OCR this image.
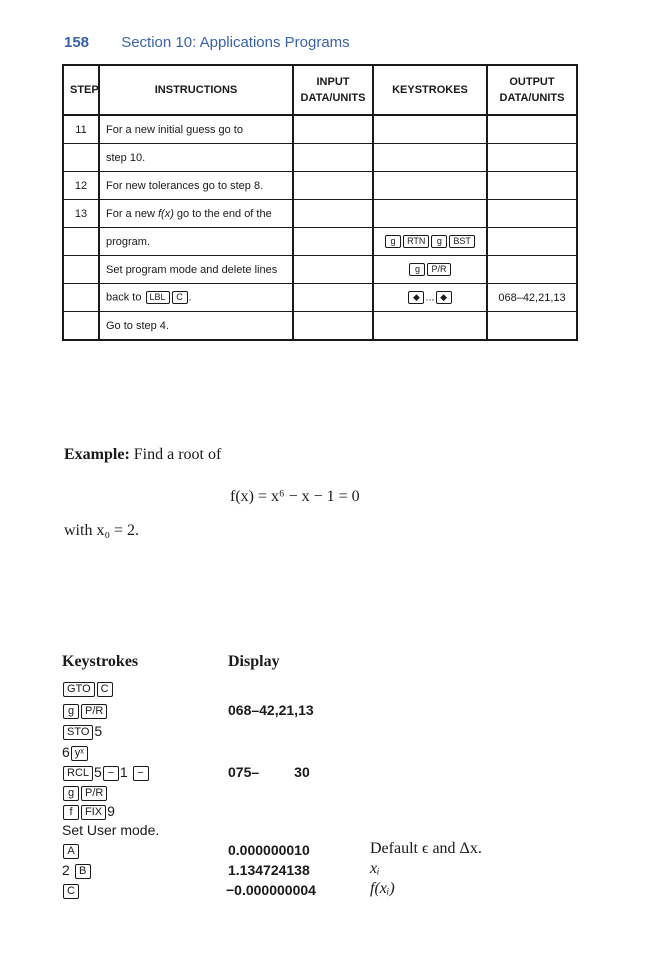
158 Section 10: Applications Programs
STEP	INSTRUCTIONS	INPUT DATA/UNITS	KEYSTROKES	OUTPUT DATA/UNITS
11	For a new initial guess go to			
	step 10.			
12	For new tolerances go to step 8.			
13	For a new f(x) go to the end of the			
	program.		g RTN g BST	
	Set program mode and delete lines		g P/R	
	back to LBL C .		◆ ... ◆	068–42,21,13
	Go to step 4.			
Example: Find a root of
f(x) = x⁶ − x − 1 = 0
with x₀ = 2.
Keystrokes	Display
GTO C
g P/R	068–42,21,13
STO 5
6 yˣ
RCL 5 − 1 −	075–         30
g P/R
f FIX 9
Set User mode.
A	0.000000010	Default ϵ and Δx.
2 B	1.134724138	xᵢ
C	−0.000000004	f(xᵢ)
